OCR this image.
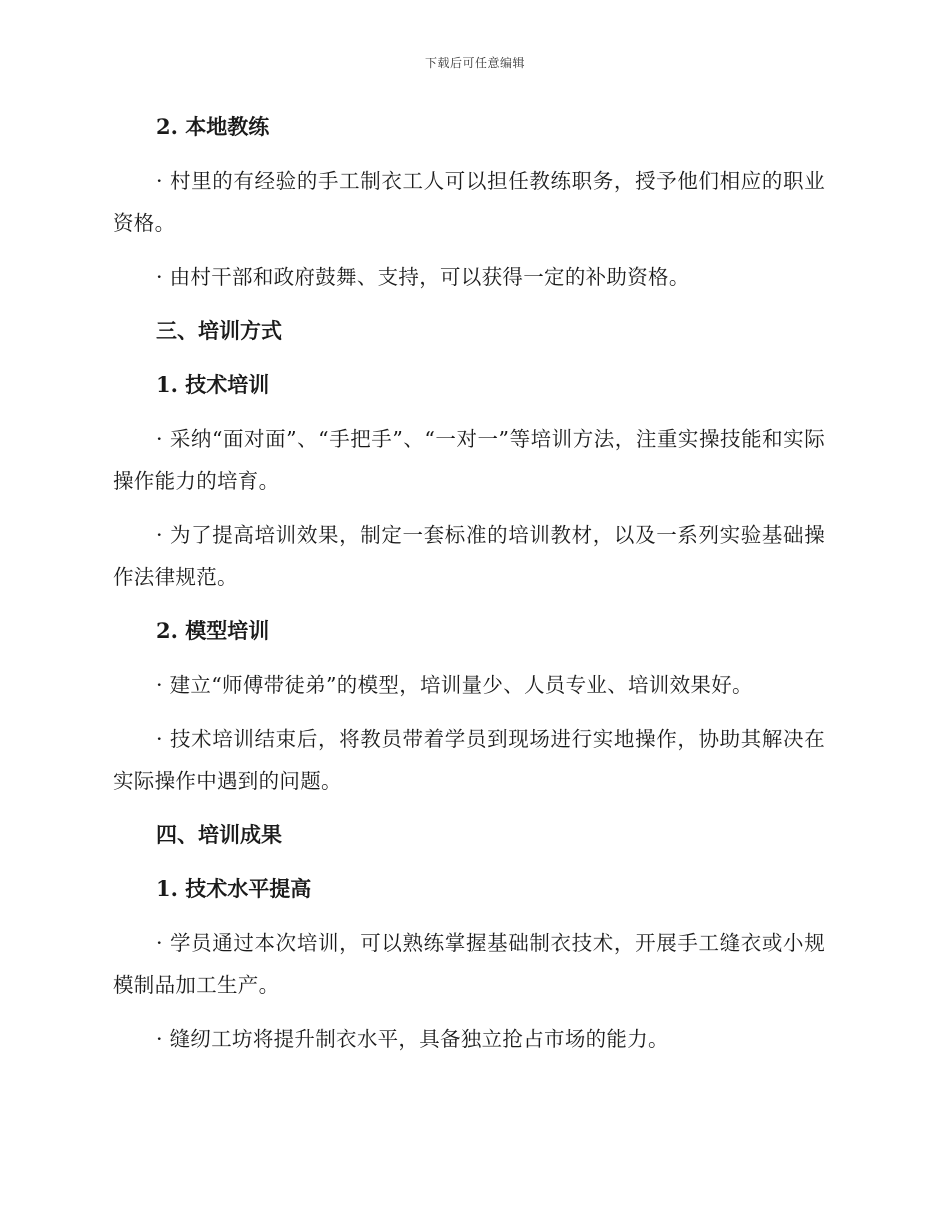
下载后可任意编辑
2. 本地教练
· 村里的有经验的手工制衣工人可以担任教练职务，授予他们相应的职业资格。
· 由村干部和政府鼓舞、支持，可以获得一定的补助资格。
三、培训方式
1. 技术培训
· 采纳“面对面”、“手把手”、“一对一”等培训方法，注重实操技能和实际操作能力的培育。
· 为了提高培训效果，制定一套标准的培训教材，以及一系列实验基础操作法律规范。
2. 模型培训
· 建立“师傅带徒弟”的模型，培训量少、人员专业、培训效果好。
· 技术培训结束后，将教员带着学员到现场进行实地操作，协助其解决在实际操作中遇到的问题。
四、培训成果
1. 技术水平提高
· 学员通过本次培训，可以熟练掌握基础制衣技术，开展手工缝衣或小规模制品加工生产。
· 缝纫工坊将提升制衣水平，具备独立抢占市场的能力。
